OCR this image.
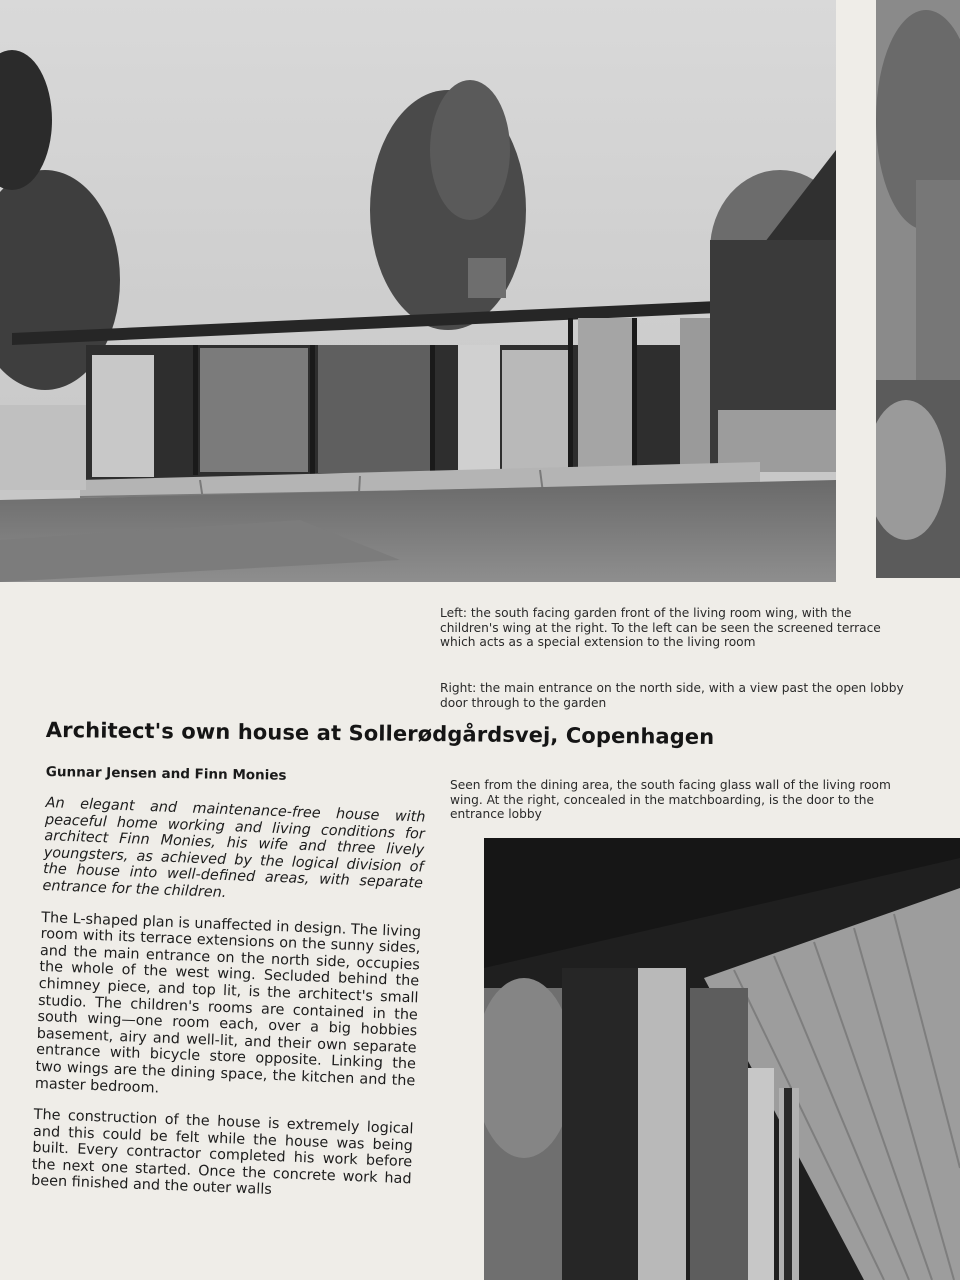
Left: the south facing garden front of the living room wing, with the children's wing at the right. To the left can be seen the screened terrace which acts as a special extension to the living room

Right: the main entrance on the north side, with a view past the open lobby door through to the garden

Architect's own house at Sollerødgårdsvej, Copenhagen
Gunnar Jensen and Finn Monies

Seen from the dining area, the south facing glass wall of the living room wing. At the right, concealed in the matchboarding, is the door to the entrance lobby

An elegant and maintenance-free house with peaceful home working and living conditions for architect Finn Monies, his wife and three lively youngsters, as achieved by the logical division of the house into well-defined areas, with separate entrance for the children.

The L-shaped plan is unaffected in design. The living room with its terrace extensions on the sunny sides, and the main entrance on the north side, occupies the whole of the west wing. Secluded behind the chimney piece, and top lit, is the architect's small studio. The children's rooms are contained in the south wing—one room each, over a big hobbies basement, airy and well-lit, and their own separate entrance with bicycle store opposite. Linking the two wings are the dining space, the kitchen and the master bedroom.

The construction of the house is extremely logical and this could be felt while the house was being built. Every contractor completed his work before the next one started. Once the concrete work had been finished and the outer walls
